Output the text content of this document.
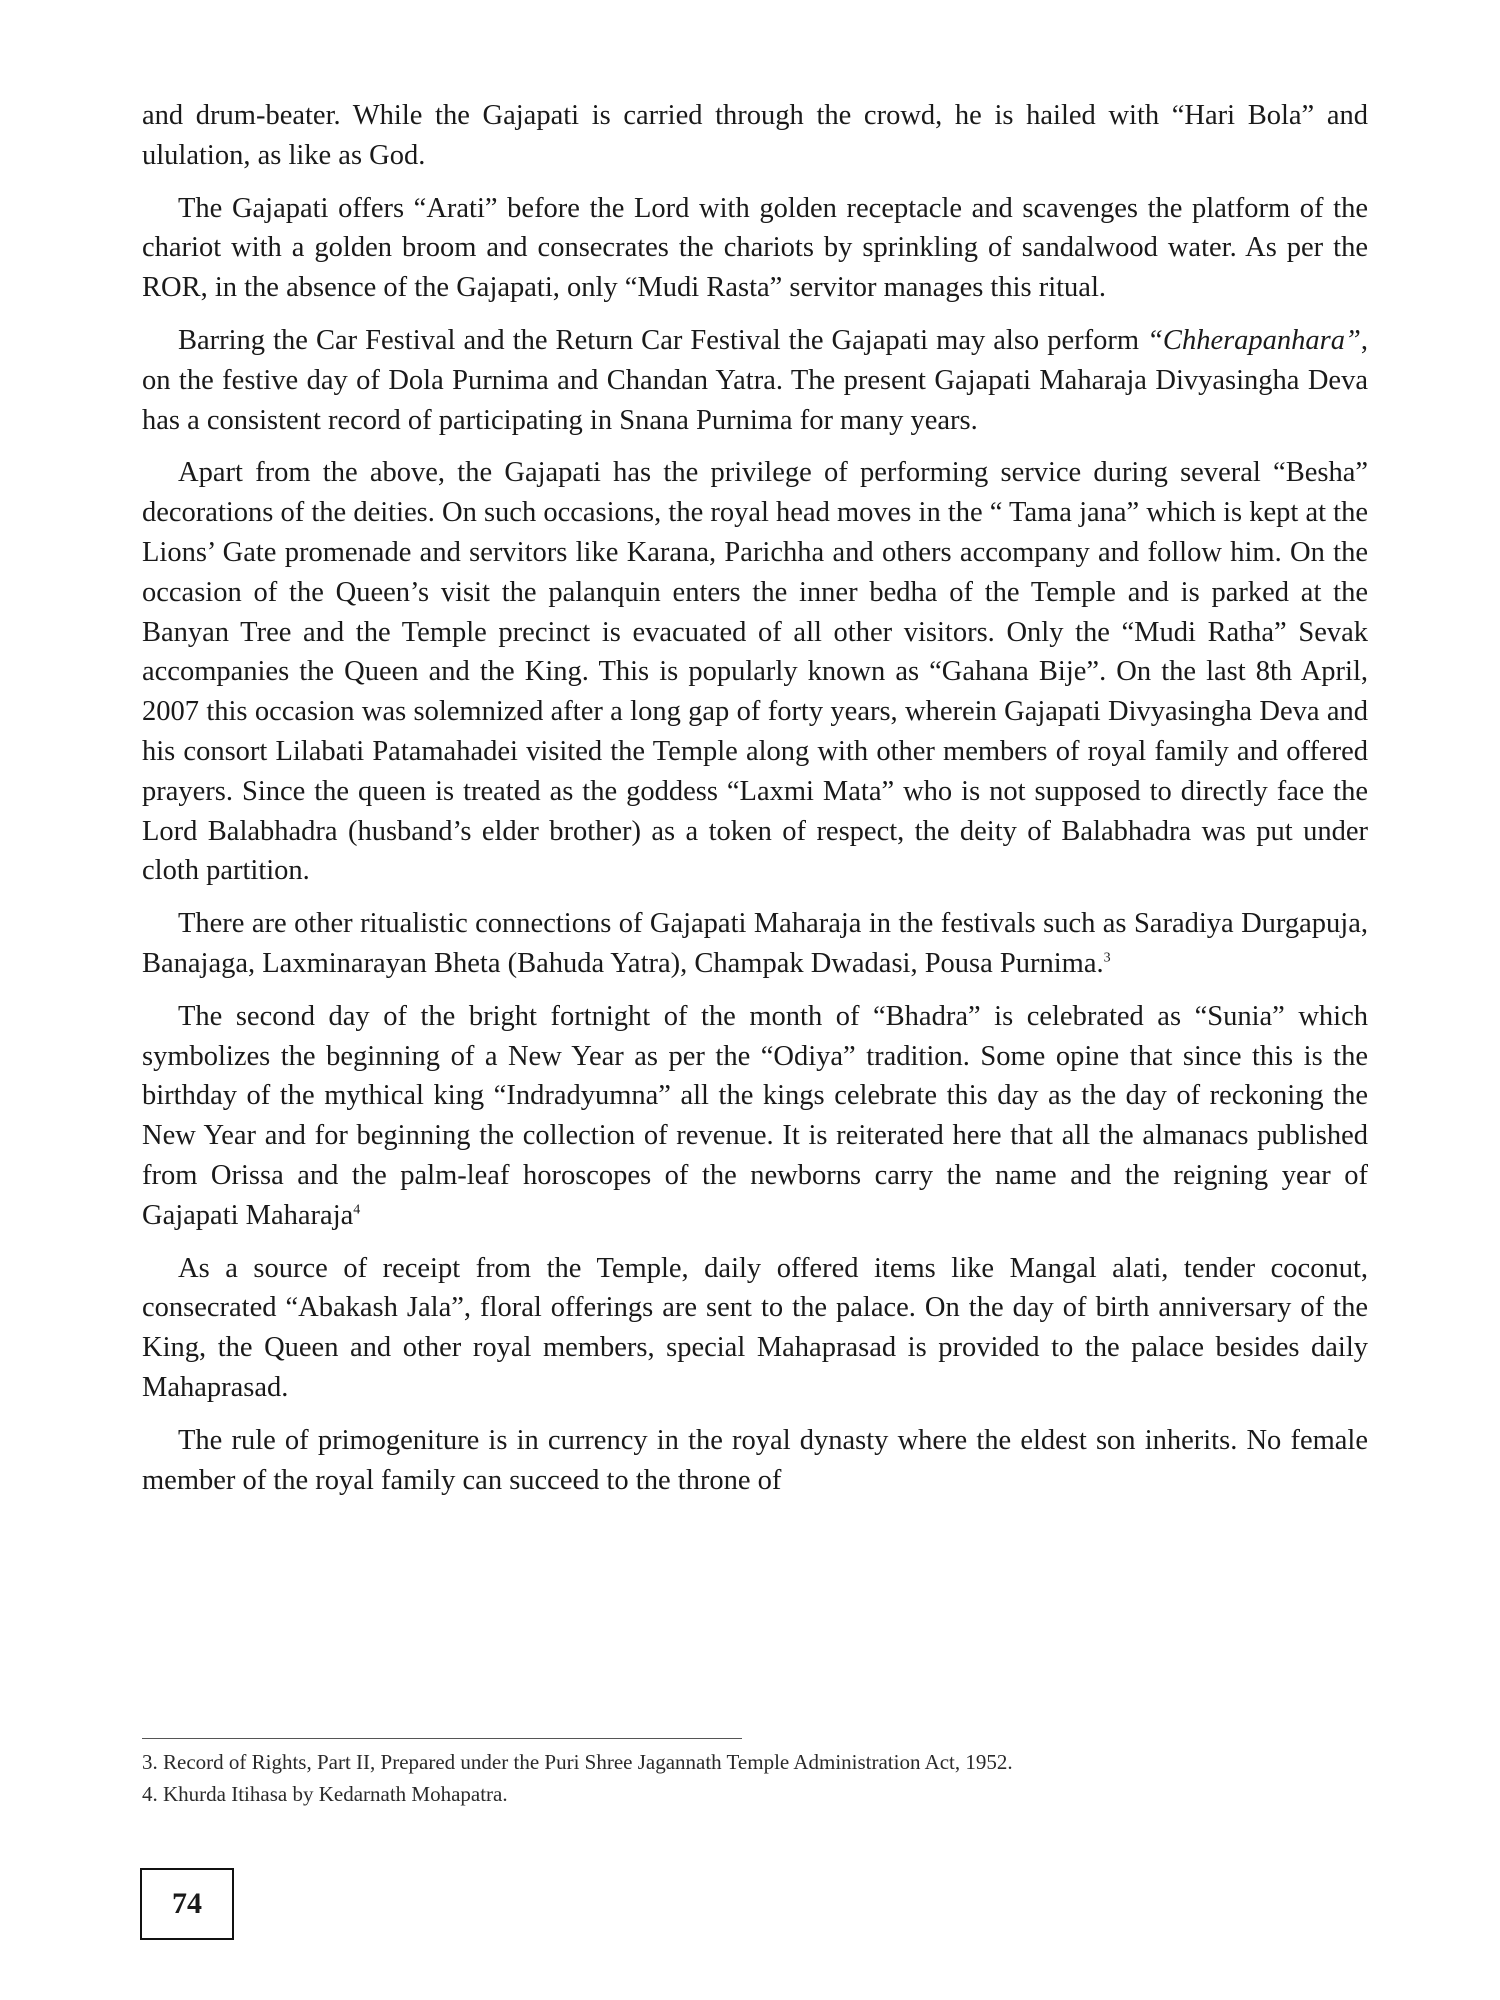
and drum-beater. While the Gajapati is carried through the crowd, he is hailed with “Hari Bola” and ululation, as like as God.

The Gajapati offers “Arati” before the Lord with golden receptacle and scavenges the platform of the chariot with a golden broom and consecrates the chariots by sprinkling of sandalwood water. As per the ROR, in the absence of the Gajapati, only “Mudi Rasta” servitor manages this ritual.

Barring the Car Festival and the Return Car Festival the Gajapati may also perform “Chherapanhara”, on the festive day of Dola Purnima and Chandan Yatra. The present Gajapati Maharaja Divyasingha Deva has a consistent record of participating in Snana Purnima for many years.

Apart from the above, the Gajapati has the privilege of performing service during several “Besha” decorations of the deities. On such occasions, the royal head moves in the “ Tama jana” which is kept at the Lions’ Gate promenade and servitors like Karana, Parichha and others accompany and follow him. On the occasion of the Queen’s visit the palanquin enters the inner bedha of the Temple and is parked at the Banyan Tree and the Temple precinct is evacuated of all other visitors. Only the “Mudi Ratha” Sevak accompanies the Queen and the King. This is popularly known as “Gahana Bije”. On the last 8th April, 2007 this occasion was solemnized after a long gap of forty years, wherein Gajapati Divyasingha Deva and his consort Lilabati Patamahadei visited the Temple along with other members of royal family and offered prayers. Since the queen is treated as the goddess “Laxmi Mata” who is not supposed to directly face the Lord Balabhadra (husband’s elder brother) as a token of respect, the deity of Balabhadra was put under cloth partition.

There are other ritualistic connections of Gajapati Maharaja in the festivals such as Saradiya Durgapuja, Banajaga, Laxminarayan Bheta (Bahuda Yatra), Champak Dwadasi, Pousa Purnima.$^3$

The second day of the bright fortnight of the month of “Bhadra” is celebrated as “Sunia” which symbolizes the beginning of a New Year as per the “Odiya” tradition. Some opine that since this is the birthday of the mythical king “Indradyumna” all the kings celebrate this day as the day of reckoning the New Year and for beginning the collection of revenue. It is reiterated here that all the almanacs published from Orissa and the palm-leaf horoscopes of the newborns carry the name and the reigning year of Gajapati Maharaja$^4$

As a source of receipt from the Temple, daily offered items like Mangal alati, tender coconut, consecrated “Abakash Jala”, floral offerings are sent to the palace. On the day of birth anniversary of the King, the Queen and other royal members, special Mahaprasad is provided to the palace besides daily Mahaprasad.

The rule of primogeniture is in currency in the royal dynasty where the eldest son inherits. No female member of the royal family can succeed to the throne of

3. Record of Rights, Part II, Prepared under the Puri Shree Jagannath Temple Administration Act, 1952.
4. Khurda Itihasa by Kedarnath Mohapatra.
74
